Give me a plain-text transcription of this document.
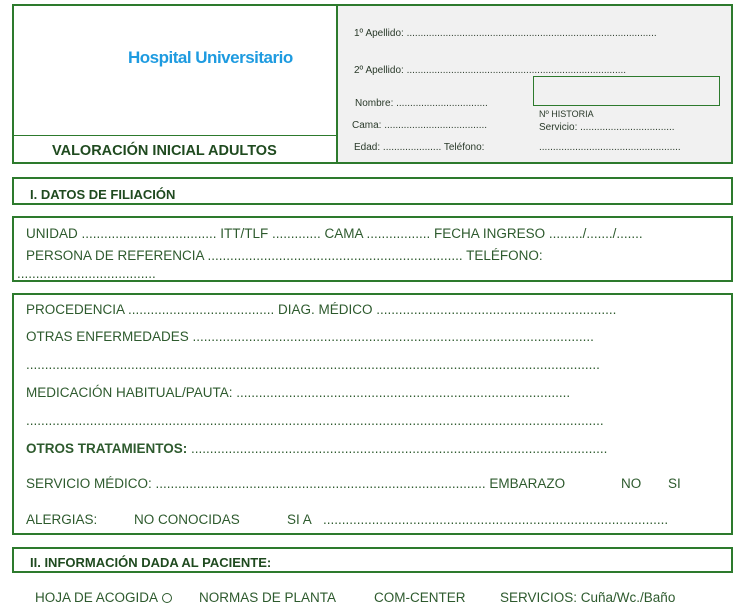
Hospital Universitario
VALORACIÓN INICIAL ADULTOS
1º Apellido: ..........................................................................................
2º Apellido: ...............................................................................
Nombre: .................................
Nº HISTORIA
Cama: .....................................	Servicio: ..................................
Edad: ..................... Teléfono:	...................................................
I. DATOS DE FILIACIÓN
UNIDAD .................................... ITT/TLF ............. CAMA ................. FECHA INGRESO ........./......./.......
PERSONA DE REFERENCIA .................................................................... TELÉFONO:
.....................................
PROCEDENCIA ....................................... DIAG. MÉDICO ................................................................
OTRAS ENFERMEDADES ...........................................................................................................
.........................................................................................................................................................
MEDICACIÓN HABITUAL/PAUTA: .........................................................................................
..........................................................................................................................................................
OTROS TRATAMIENTOS: ...............................................................................................................
SERVICIO MÉDICO: ........................................................................................ EMBARAZO	NO SI
ALERGIAS:	NO CONOCIDAS	SI A ............................................................................................
II. INFORMACIÓN DADA AL PACIENTE:
HOJA DE ACOGIDA	NORMAS DE PLANTA	COM-CENTER	SERVICIOS: Cuña/Wc./Baño
